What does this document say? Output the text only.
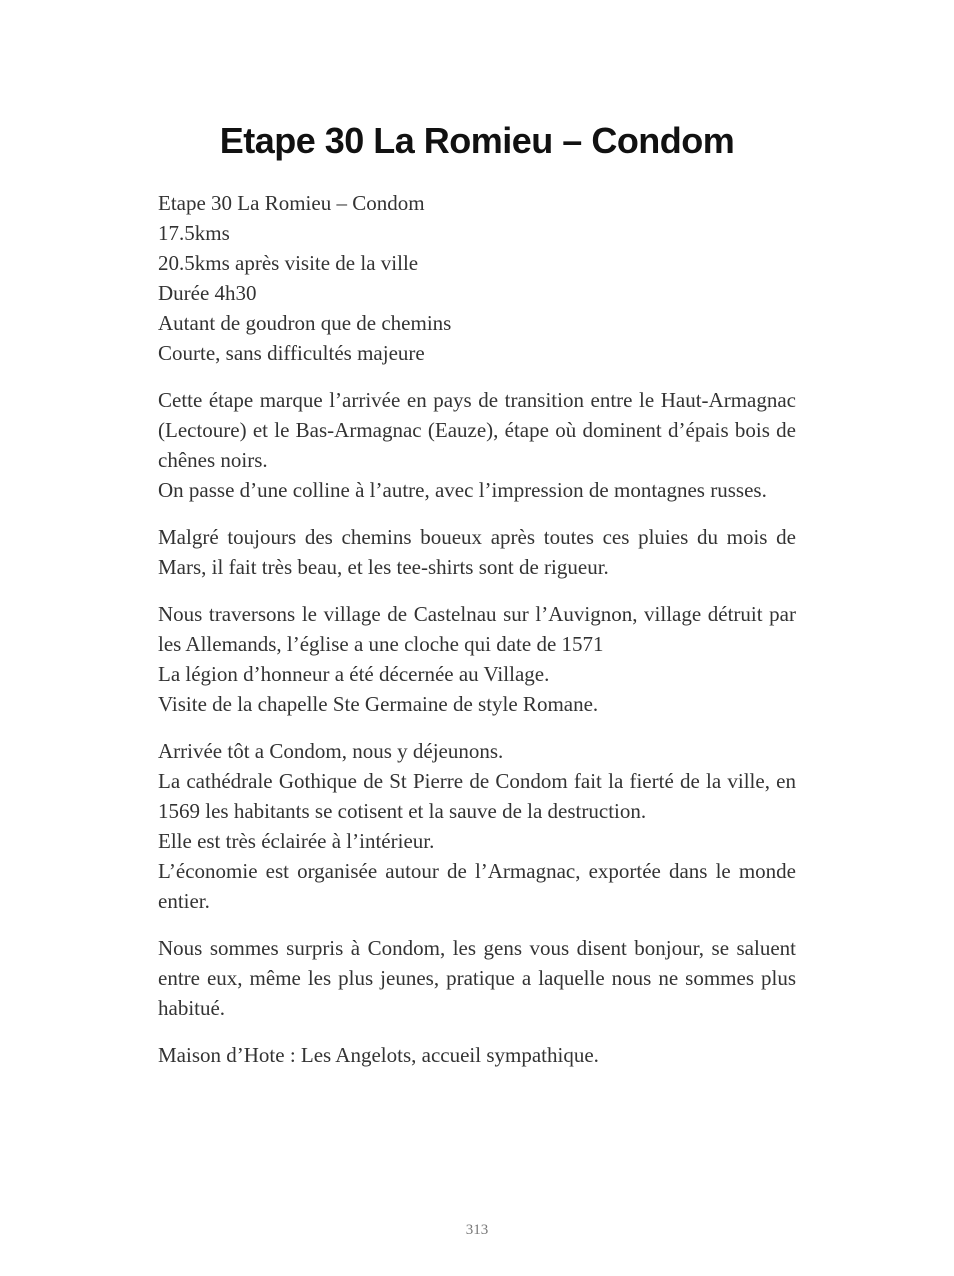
Etape 30 La Romieu – Condom
Etape 30 La Romieu – Condom
17.5kms
20.5kms après visite de la ville
Durée 4h30
Autant de goudron que de chemins
Courte, sans difficultés majeure
Cette étape marque l’arrivée en pays de transition entre le Haut-Armagnac (Lectoure) et le Bas-Armagnac (Eauze), étape où dominent d’épais bois de chênes noirs.
On passe d’une colline à l’autre, avec l’impression de montagnes russes.
Malgré toujours des chemins boueux après toutes ces pluies du mois de Mars, il fait très beau, et les tee-shirts sont de rigueur.
Nous traversons le village de Castelnau sur l’Auvignon, village détruit par les Allemands, l’église a une cloche qui date de 1571
La légion d’honneur a été décernée au Village.
Visite de la chapelle Ste Germaine de style Romane.
Arrivée tôt a Condom, nous y déjeunons.
La cathédrale Gothique de St Pierre de Condom fait la fierté de la ville, en 1569 les habitants se cotisent et la sauve de la destruction.
Elle est très éclairée à l’intérieur.
L’économie est organisée autour de l’Armagnac, exportée dans le monde entier.
Nous sommes surpris à Condom, les gens vous disent bonjour, se saluent entre eux, même les plus jeunes, pratique a laquelle nous ne sommes plus habitué.
Maison d’Hote : Les Angelots, accueil sympathique.
313
